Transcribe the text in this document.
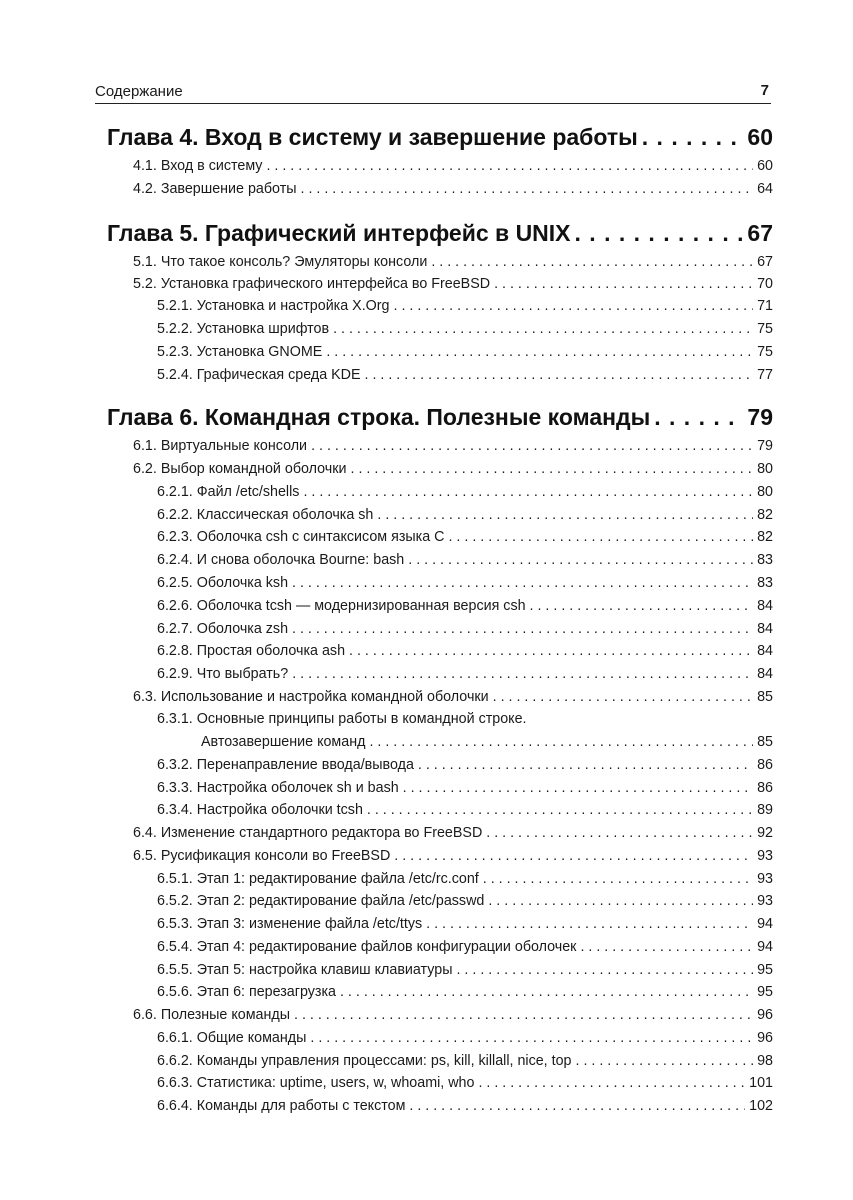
Содержание	7
Глава 4. Вход в систему и завершение работы . . .	60
4.1. Вход в систему . . .	60
4.2. Завершение работы . . .	64
Глава 5. Графический интерфейс в UNIX . . .	67
5.1. Что такое консоль? Эмуляторы консоли . . .	67
5.2. Установка графического интерфейса во FreeBSD . . .	70
5.2.1. Установка и настройка X.Org . . .	71
5.2.2. Установка шрифтов . . .	75
5.2.3. Установка GNOME . . .	75
5.2.4. Графическая среда KDE . . .	77
Глава 6. Командная строка. Полезные команды . . .	79
6.1. Виртуальные консоли . . .	79
6.2. Выбор командной оболочки . . .	80
6.2.1. Файл /etc/shells . . .	80
6.2.2. Классическая оболочка sh . . .	82
6.2.3. Оболочка csh с синтаксисом языка C . . .	82
6.2.4. И снова оболочка Bourne: bash . . .	83
6.2.5. Оболочка ksh . . .	83
6.2.6. Оболочка tcsh — модернизированная версия csh . . .	84
6.2.7. Оболочка zsh . . .	84
6.2.8. Простая оболочка ash . . .	84
6.2.9. Что выбрать? . . .	84
6.3. Использование и настройка командной оболочки . . .	85
6.3.1. Основные принципы работы в командной строке.
Автозавершение команд . . .	85
6.3.2. Перенаправление ввода/вывода . . .	86
6.3.3. Настройка оболочек sh и bash . . .	86
6.3.4. Настройка оболочки tcsh . . .	89
6.4. Изменение стандартного редактора во FreeBSD . . .	92
6.5. Русификация консоли во FreeBSD . . .	93
6.5.1. Этап 1: редактирование файла /etc/rc.conf . . .	93
6.5.2. Этап 2: редактирование файла /etc/passwd . . .	93
6.5.3. Этап 3: изменение файла /etc/ttys . . .	94
6.5.4. Этап 4: редактирование файлов конфигурации оболочек . . .	94
6.5.5. Этап 5: настройка клавиш клавиатуры . . .	95
6.5.6. Этап 6: перезагрузка . . .	95
6.6. Полезные команды . . .	96
6.6.1. Общие команды . . .	96
6.6.2. Команды управления процессами: ps, kill, killall, nice, top . . .	98
6.6.3. Статистика: uptime, users, w, whoami, who . . .	101
6.6.4. Команды для работы с текстом . . .	102
